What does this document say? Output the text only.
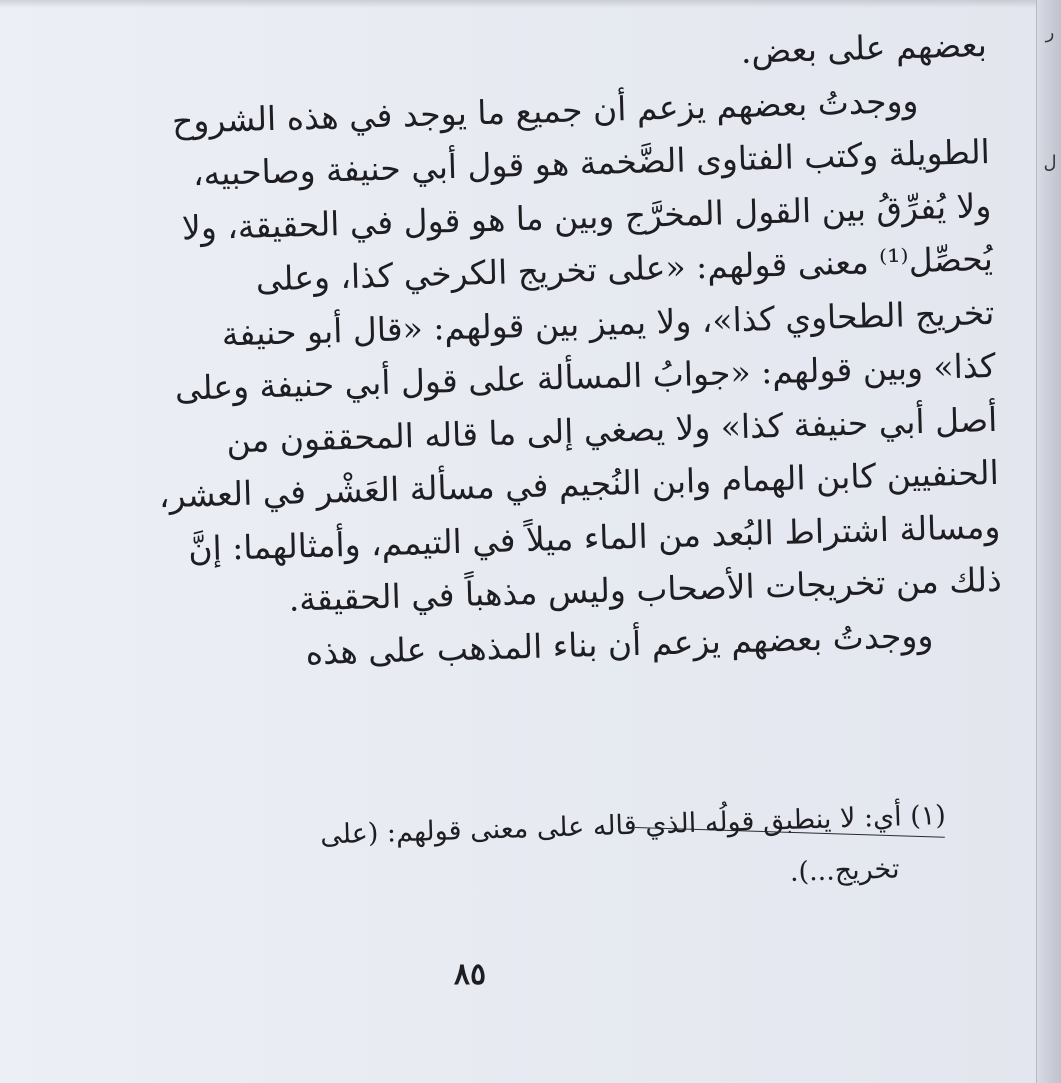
بعضهم على بعض.
ووجدتُ بعضهم يزعم أن جميع ما يوجد في هذه الشروح
الطويلة وكتب الفتاوى الضَّخمة هو قول أبي حنيفة وصاحبيه،
ولا يُفرِّقُ بين القول المخرَّج وبين ما هو قول في الحقيقة، ولا
يُحصِّل⁽¹⁾ معنى قولهم: «على تخريج الكرخي كذا، وعلى
تخريج الطحاوي كذا»، ولا يميز بين قولهم: «قال أبو حنيفة
كذا» وبين قولهم: «جوابُ المسألة على قول أبي حنيفة وعلى
أصل أبي حنيفة كذا» ولا يصغي إلى ما قاله المحققون من
الحنفيين كابن الهمام وابن النُجيم في مسألة العَشْر في العشر،
ومسالة اشتراط البُعد من الماء ميلاً في التيمم، وأمثالهما: إنَّ
ذلك من تخريجات الأصحاب وليس مذهباً في الحقيقة.
ووجدتُ بعضهم يزعم أن بناء المذهب على هذه
(١) أي: لا ينطبق قولُه الذي قاله على معنى قولهم: (على
تخريج...).
٨٥
ر
ل
